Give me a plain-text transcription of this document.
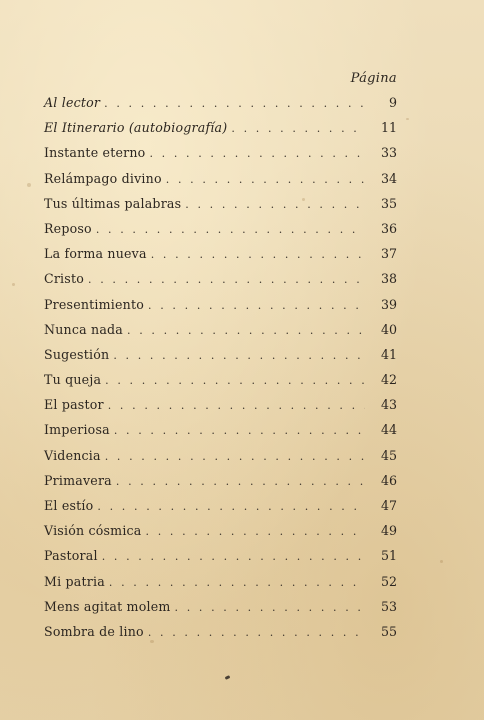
Página
Al lector . . .	9
El Itinerario (autobiografía) . . .	11
Instante eterno . . .	33
Relámpago divino . . .	34
Tus últimas palabras . . .	35
Reposo . . .	36
La forma nueva . . .	37
Cristo . . .	38
Presentimiento . . .	39
Nunca nada . . .	40
Sugestión . . .	41
Tu queja . . .	42
El pastor . . .	43
Imperiosa . . .	44
Videncia . . .	45
Primavera . . .	46
El estío . . .	47
Visión cósmica . . .	49
Pastoral . . .	51
Mi patria . . .	52
Mens agitat molem . . .	53
Sombra de lino . . .	55
